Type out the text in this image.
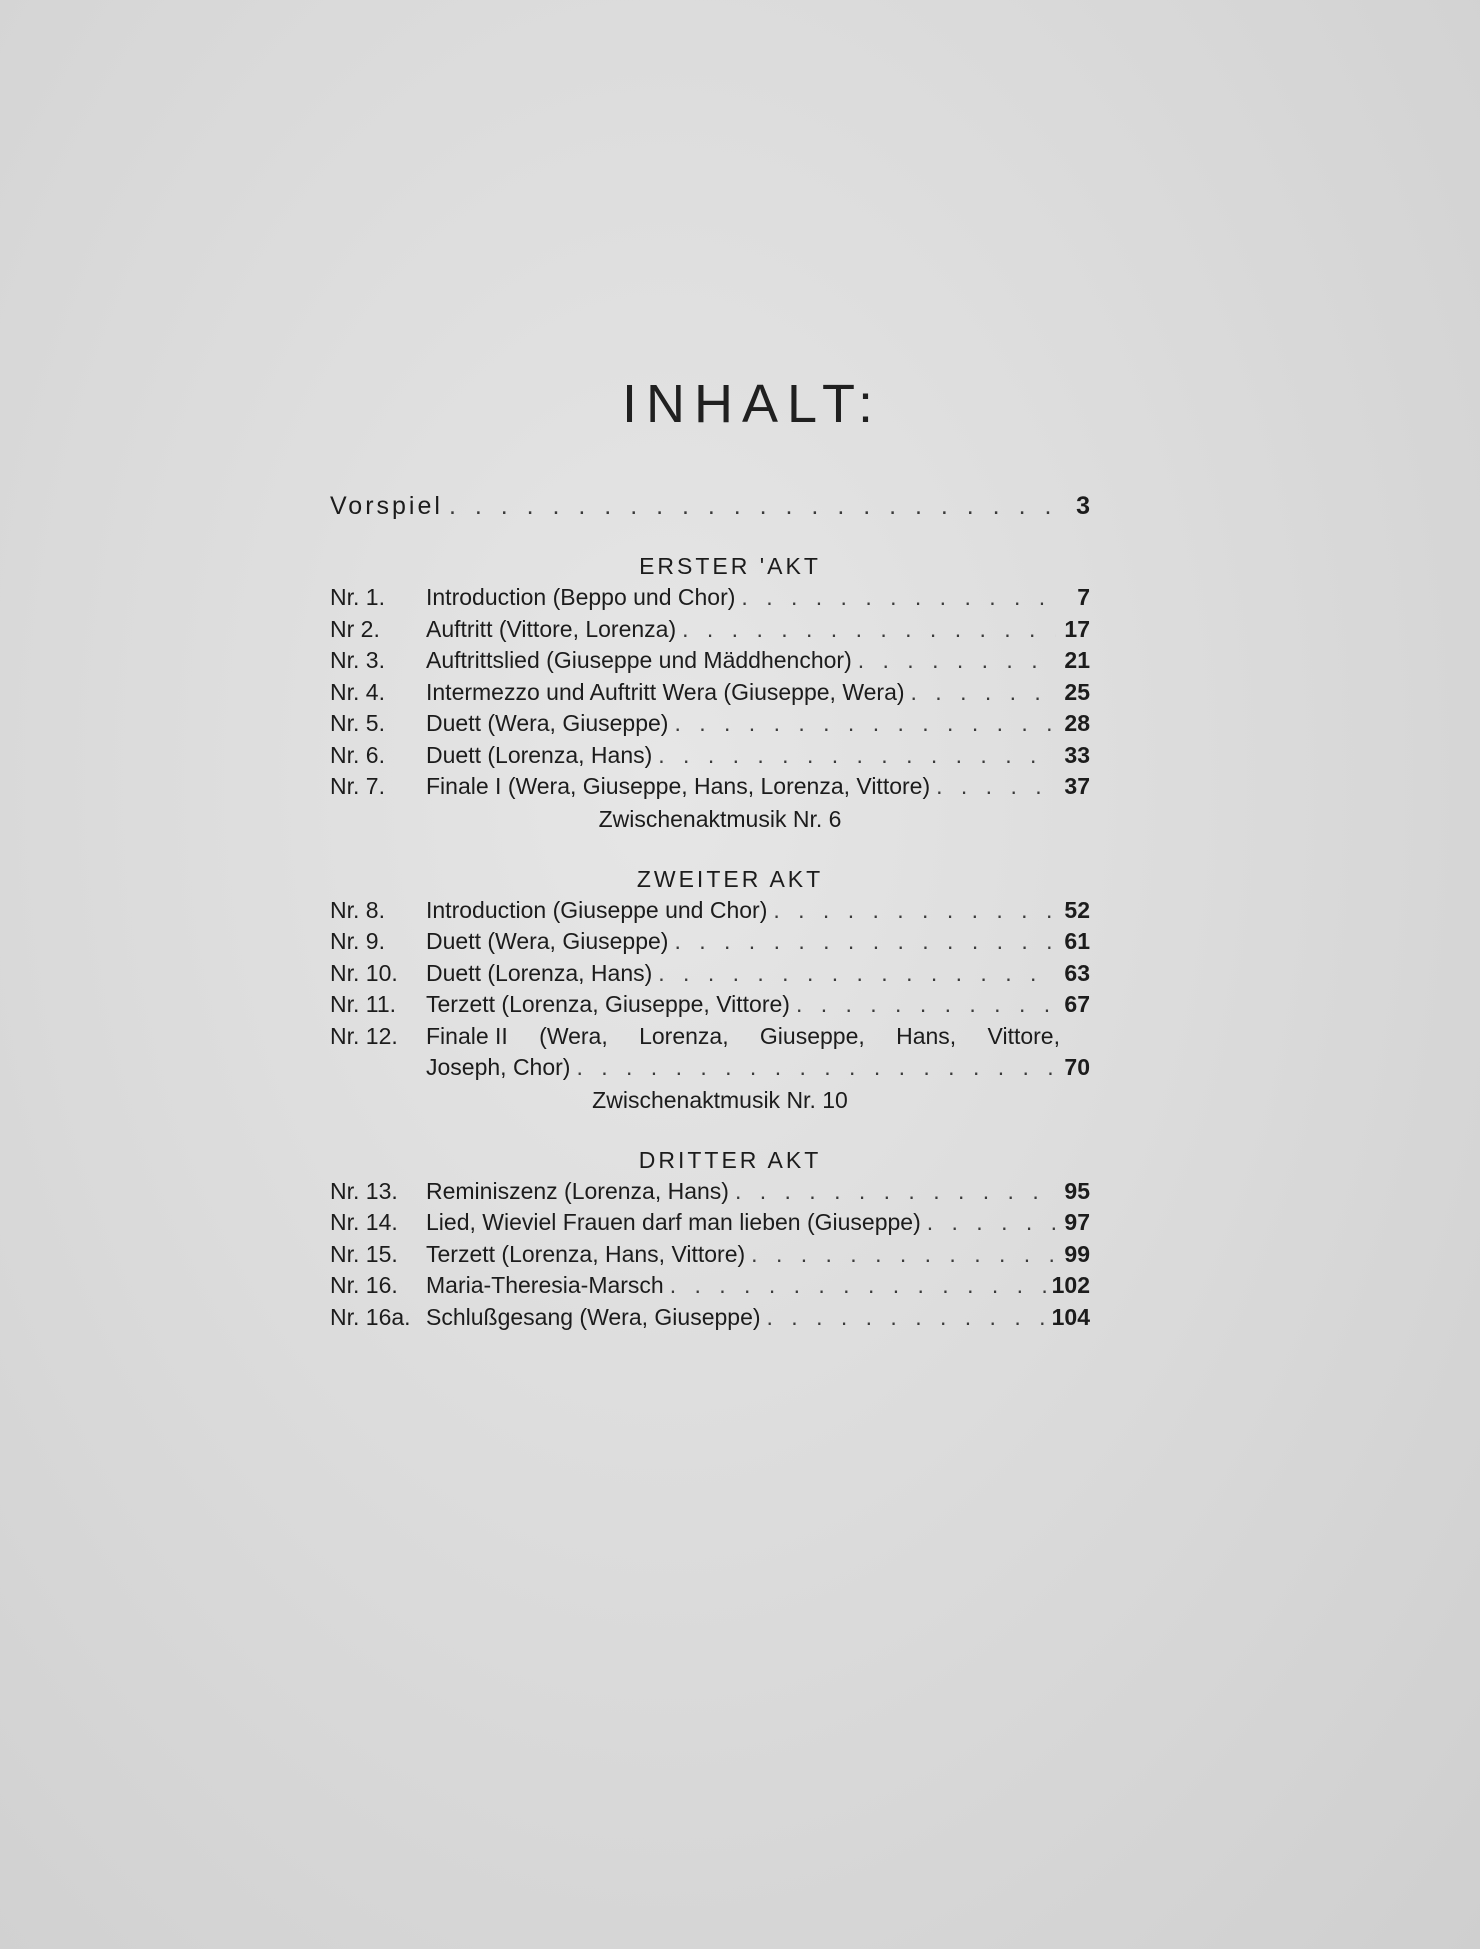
INHALT:
Vorspiel . . .	3
ERSTER 'AKT
Nr. 1.	Introduction (Beppo und Chor) . . .	7
Nr 2.	Auftritt (Vittore, Lorenza) . . .	17
Nr. 3.	Auftrittslied (Giuseppe und Mäddhenchor) . . .	21
Nr. 4.	Intermezzo und Auftritt Wera (Giuseppe, Wera) . . .	25
Nr. 5.	Duett (Wera, Giuseppe) . . .	28
Nr. 6.	Duett (Lorenza, Hans) . . .	33
Nr. 7.	Finale I (Wera, Giuseppe, Hans, Lorenza, Vittore) . . .	37
Zwischenaktmusik Nr. 6
ZWEITER AKT
Nr. 8.	Introduction (Giuseppe und Chor) . . .	52
Nr. 9.	Duett (Wera, Giuseppe) . . .	61
Nr. 10.	Duett (Lorenza, Hans) . . .	63
Nr. 11.	Terzett (Lorenza, Giuseppe, Vittore) . . .	67
Nr. 12.	Finale II (Wera, Lorenza, Giuseppe, Hans, Vittore,
Joseph, Chor) . . .	70
Zwischenaktmusik Nr. 10
DRITTER AKT
Nr. 13.	Reminiszenz (Lorenza, Hans) . . .	95
Nr. 14.	Lied, Wieviel Frauen darf man lieben (Giuseppe) . . .	97
Nr. 15.	Terzett (Lorenza, Hans, Vittore) . . .	99
Nr. 16.	Maria-Theresia-Marsch . . .	102
Nr. 16a. Schlußgesang (Wera, Giuseppe) . . .	104
